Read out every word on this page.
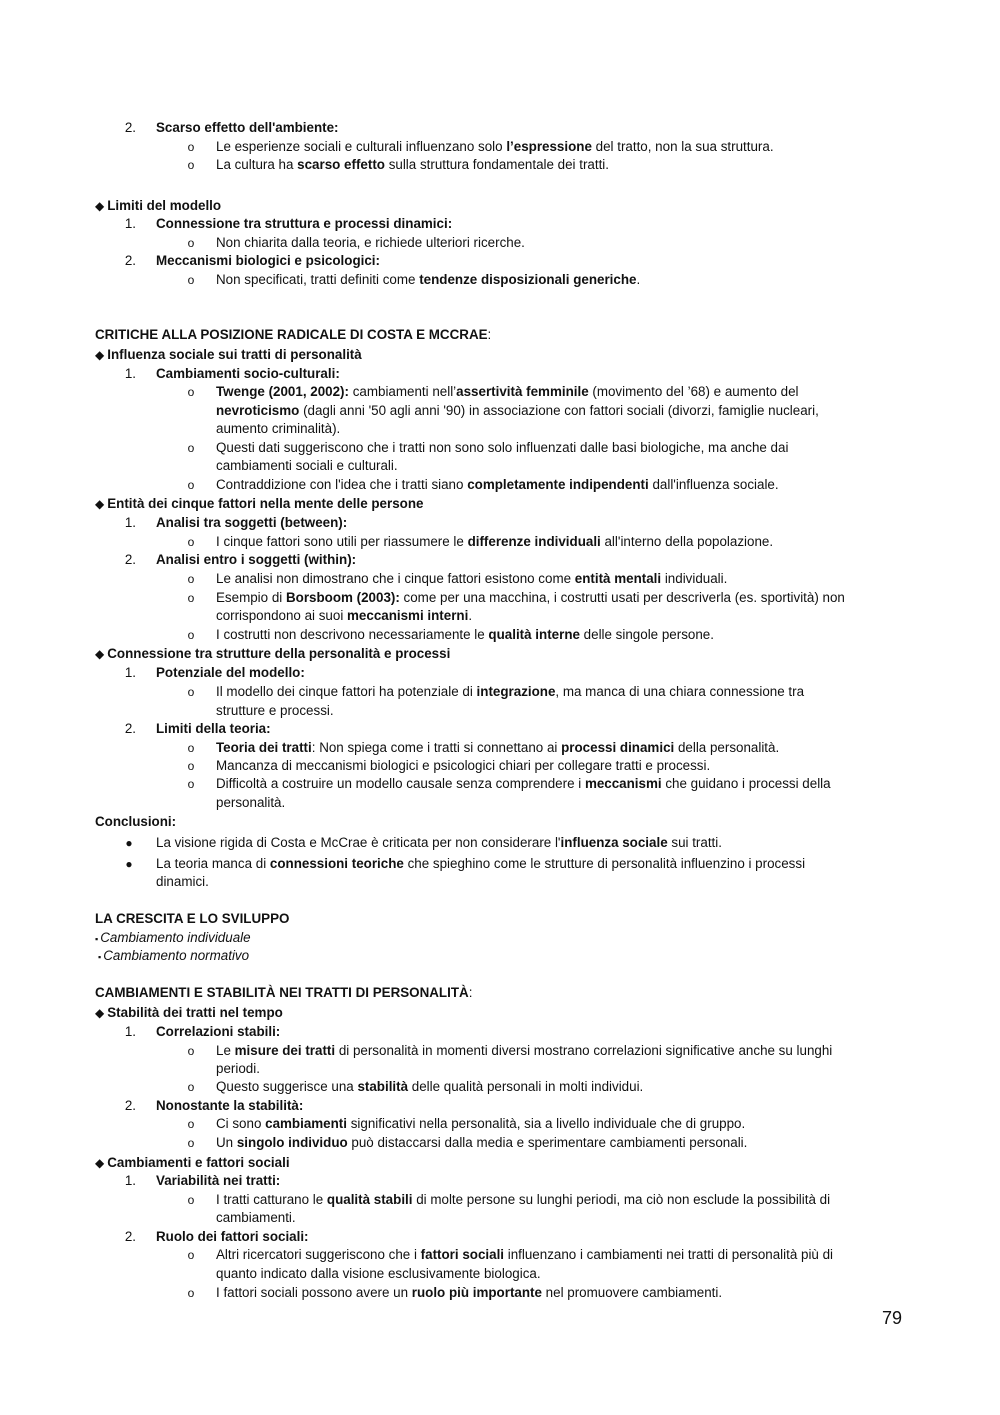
2. Scarso effetto dell'ambiente:
o Le esperienze sociali e culturali influenzano solo l’espressione del tratto, non la sua struttura.
o La cultura ha scarso effetto sulla struttura fondamentale dei tratti.
◆ Limiti del modello
1. Connessione tra struttura e processi dinamici:
o Non chiarita dalla teoria, e richiede ulteriori ricerche.
2. Meccanismi biologici e psicologici:
o Non specificati, tratti definiti come tendenze disposizionali generiche.
CRITICHE ALLA POSIZIONE RADICALE DI COSTA E MCCRAE:
◆ Influenza sociale sui tratti di personalità
1. Cambiamenti socio-culturali:
o Twenge (2001, 2002): cambiamenti nell’assertività femminile (movimento del ’68) e aumento del
nevroticismo (dagli anni '50 agli anni '90) in associazione con fattori sociali (divorzi, famiglie nucleari,
aumento criminalità).
o Questi dati suggeriscono che i tratti non sono solo influenzati dalle basi biologiche, ma anche dai
cambiamenti sociali e culturali.
o Contraddizione con l'idea che i tratti siano completamente indipendenti dall'influenza sociale.
◆ Entità dei cinque fattori nella mente delle persone
1. Analisi tra soggetti (between):
o I cinque fattori sono utili per riassumere le differenze individuali all'interno della popolazione.
2. Analisi entro i soggetti (within):
o Le analisi non dimostrano che i cinque fattori esistono come entità mentali individuali.
o Esempio di Borsboom (2003): come per una macchina, i costrutti usati per descriverla (es. sportività) non
corrispondono ai suoi meccanismi interni.
o I costrutti non descrivono necessariamente le qualità interne delle singole persone.
◆ Connessione tra strutture della personalità e processi
1. Potenziale del modello:
o Il modello dei cinque fattori ha potenziale di integrazione, ma manca di una chiara connessione tra
strutture e processi.
2. Limiti della teoria:
o Teoria dei tratti: Non spiega come i tratti si connettano ai processi dinamici della personalità.
o Mancanza di meccanismi biologici e psicologici chiari per collegare tratti e processi.
o Difficoltà a costruire un modello causale senza comprendere i meccanismi che guidano i processi della
personalità.
Conclusioni:
● La visione rigida di Costa e McCrae è criticata per non considerare l'influenza sociale sui tratti.
● La teoria manca di connessioni teoriche che spieghino come le strutture di personalità influenzino i processi
dinamici.
LA CRESCITA E LO SVILUPPO
▪ Cambiamento individuale
▪ Cambiamento normativo
CAMBIAMENTI E STABILITÀ NEI TRATTI DI PERSONALITÀ:
◆ Stabilità dei tratti nel tempo
1. Correlazioni stabili:
o Le misure dei tratti di personalità in momenti diversi mostrano correlazioni significative anche su lunghi
periodi.
o Questo suggerisce una stabilità delle qualità personali in molti individui.
2. Nonostante la stabilità:
o Ci sono cambiamenti significativi nella personalità, sia a livello individuale che di gruppo.
o Un singolo individuo può distaccarsi dalla media e sperimentare cambiamenti personali.
◆ Cambiamenti e fattori sociali
1. Variabilità nei tratti:
o I tratti catturano le qualità stabili di molte persone su lunghi periodi, ma ciò non esclude la possibilità di
cambiamenti.
2. Ruolo dei fattori sociali:
o Altri ricercatori suggeriscono che i fattori sociali influenzano i cambiamenti nei tratti di personalità più di
quanto indicato dalla visione esclusivamente biologica.
o I fattori sociali possono avere un ruolo più importante nel promuovere cambiamenti.
79
